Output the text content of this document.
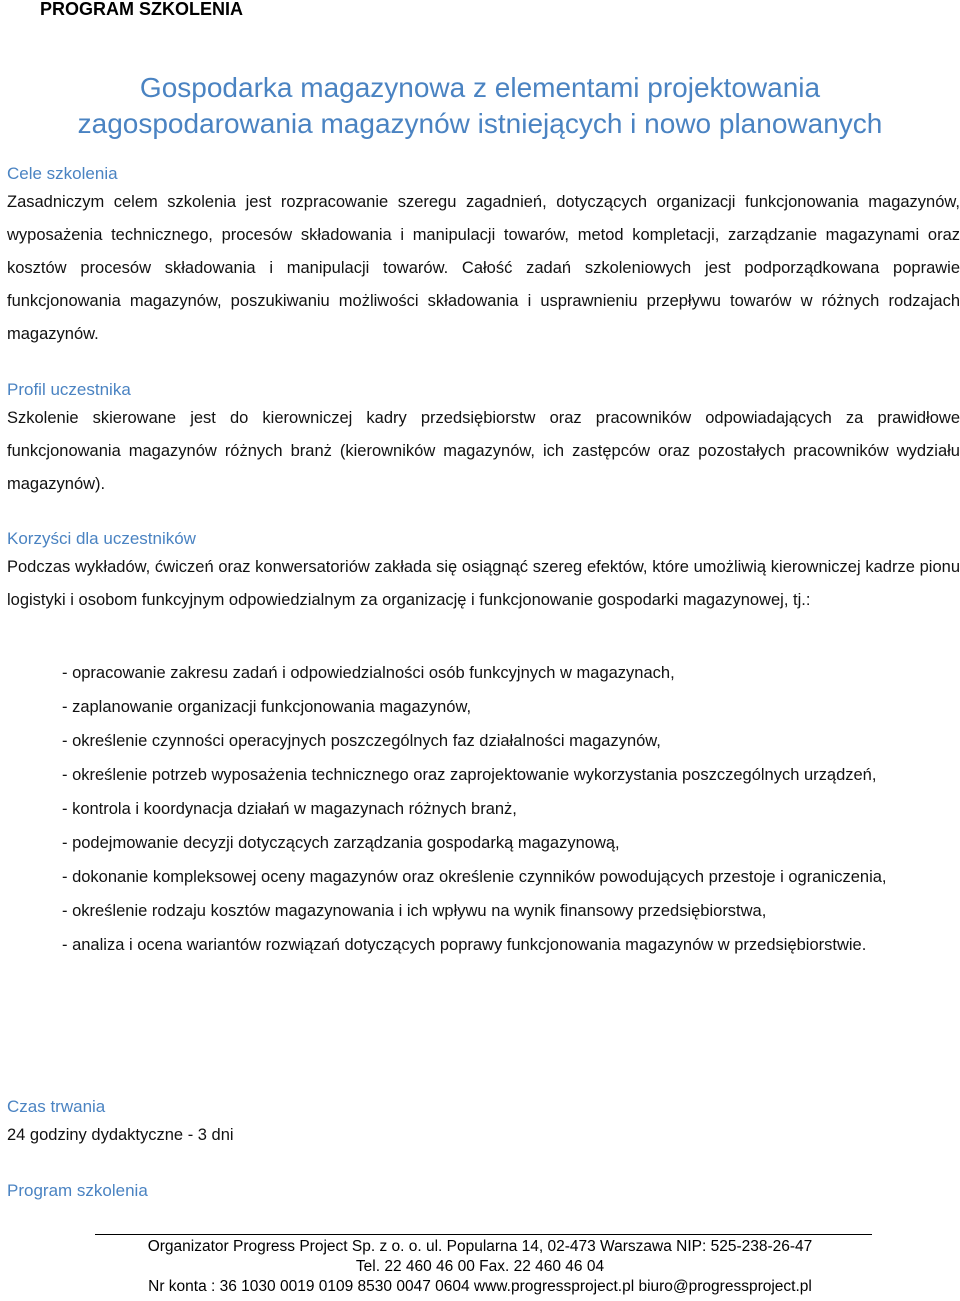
PROGRAM SZKOLENIA
Gospodarka magazynowa z elementami projektowania
zagospodarowania magazynów istniejących i nowo planowanych
Cele szkolenia
Zasadniczym celem szkolenia jest rozpracowanie szeregu zagadnień, dotyczących organizacji funkcjonowania magazynów, wyposażenia technicznego, procesów składowania i manipulacji towarów, metod kompletacji, zarządzanie magazynami oraz kosztów procesów składowania i manipulacji towarów. Całość zadań szkoleniowych jest podporządkowana poprawie funkcjonowania magazynów, poszukiwaniu możliwości składowania i usprawnieniu przepływu towarów w różnych rodzajach magazynów.
Profil uczestnika
Szkolenie skierowane jest do kierowniczej kadry przedsiębiorstw oraz pracowników odpowiadających za prawidłowe funkcjonowania magazynów różnych branż (kierowników magazynów, ich zastępców oraz pozostałych pracowników wydziału magazynów).
Korzyści dla uczestników
Podczas wykładów, ćwiczeń oraz konwersatoriów zakłada się osiągnąć szereg efektów, które umożliwią kierowniczej kadrze pionu logistyki i osobom funkcyjnym odpowiedzialnym za organizację i funkcjonowanie gospodarki magazynowej, tj.:
- opracowanie zakresu zadań i odpowiedzialności osób funkcyjnych w magazynach,
- zaplanowanie organizacji funkcjonowania magazynów,
- określenie czynności operacyjnych poszczególnych faz działalności magazynów,
- określenie potrzeb wyposażenia technicznego oraz zaprojektowanie wykorzystania poszczególnych urządzeń,
- kontrola i koordynacja działań w magazynach różnych branż,
- podejmowanie decyzji dotyczących zarządzania gospodarką magazynową,
- dokonanie kompleksowej oceny magazynów oraz określenie czynników powodujących przestoje i ograniczenia,
- określenie rodzaju kosztów magazynowania i ich wpływu na wynik finansowy przedsiębiorstwa,
- analiza i ocena wariantów rozwiązań dotyczących poprawy funkcjonowania magazynów w przedsiębiorstwie.
Czas trwania
24 godziny dydaktyczne - 3 dni
Program szkolenia
Organizator Progress Project Sp. z o. o. ul. Popularna 14, 02-473 Warszawa NIP: 525-238-26-47
Tel. 22 460 46 00 Fax. 22 460 46 04
Nr konta : 36 1030 0019 0109 8530 0047 0604 www.progressproject.pl biuro@progressproject.pl
